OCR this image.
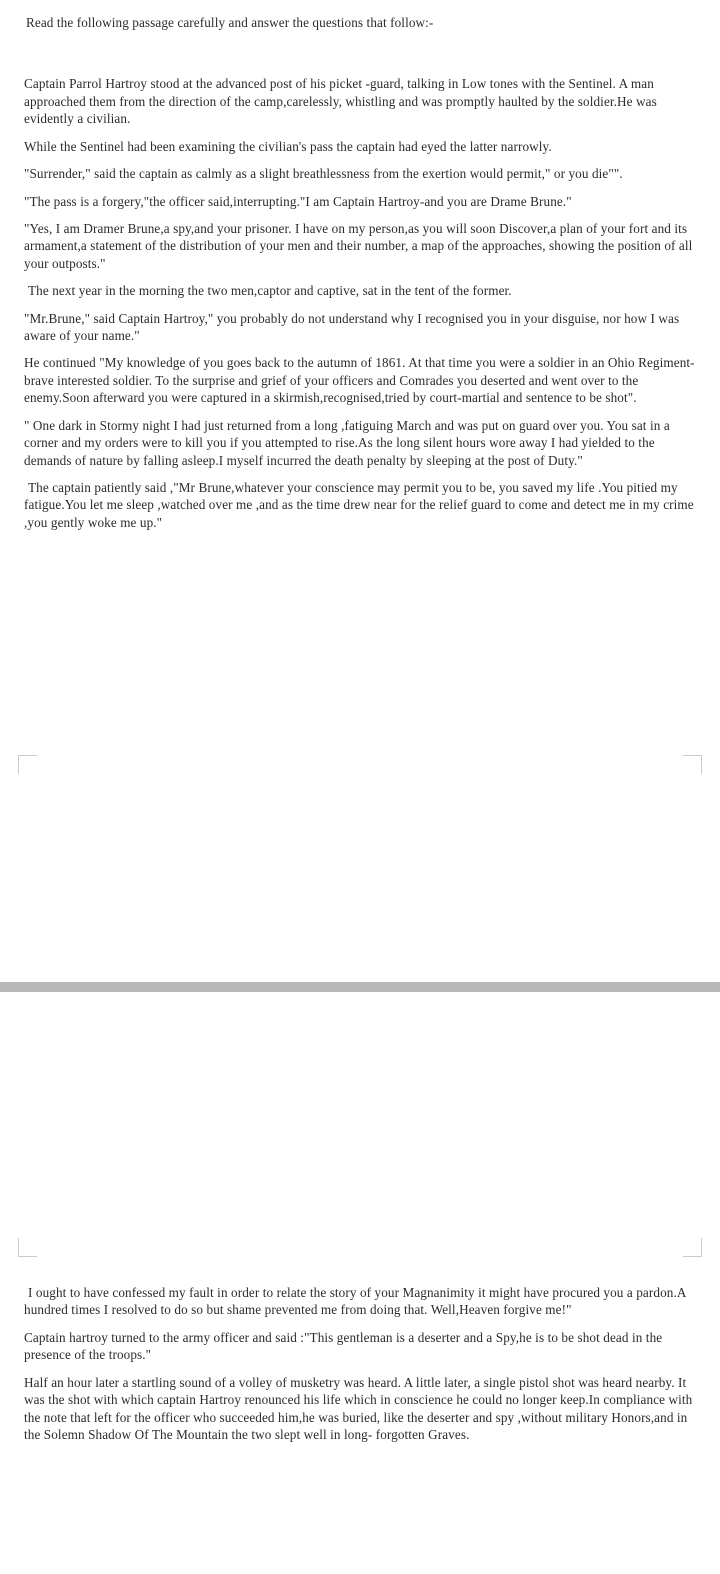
Read the following passage carefully and answer the questions that follow:-

Captain Parrol Hartroy stood at the advanced post of his picket -guard, talking in Low tones with the Sentinel. A man approached them from the direction of the camp,carelessly, whistling and was promptly haulted by the soldier.He was evidently a civilian.

While the Sentinel had been examining the civilian's pass the captain had eyed the latter narrowly.

"Surrender," said the captain as calmly as a slight breathlessness from the exertion would permit," or you die"".

"The pass is a forgery,"the officer said,interrupting."I am Captain Hartroy-and you are Drame Brune."

"Yes, I am Dramer Brune,a spy,and your prisoner. I have on my person,as you will soon Discover,a plan of your fort and its armament,a statement of the distribution of your men and their number, a map of the approaches, showing the position of all your outposts."

The next year in the morning the two men,captor and captive, sat in the tent of the former.

"Mr.Brune," said Captain Hartroy," you probably do not understand why I recognised you in your disguise, nor how I was aware of your name."

He continued "My knowledge of you goes back to the autumn of 1861. At that time you were a soldier in an Ohio Regiment-brave interested soldier. To the surprise and grief of your officers and Comrades you deserted and went over to the enemy.Soon afterward you were captured in a skirmish,recognised,tried by court-martial and sentence to be shot".

" One dark in Stormy night I had just returned from a long ,fatiguing March and was put on guard over you. You sat in a corner and my orders were to kill you if you attempted to rise.As the long silent hours wore away I had yielded to the demands of nature by falling asleep.I myself incurred the death penalty by sleeping at the post of Duty."

The captain patiently said ,"Mr Brune,whatever your conscience may permit you to be, you saved my life .You pitied my fatigue.You let me sleep ,watched over me ,and as the time drew near for the relief guard to come and detect me in my crime ,you gently woke me up."

I ought to have confessed my fault in order to relate the story of your Magnanimity it might have procured you a pardon.A hundred times I resolved to do so but shame prevented me from doing that. Well,Heaven forgive me!"

Captain hartroy turned to the army officer and said :"This gentleman is a deserter and a Spy,he is to be shot dead in the presence of the troops."

Half an hour later a startling sound of a volley of musketry was heard. A little later, a single pistol shot was heard nearby. It was the shot with which captain Hartroy renounced his life which in conscience he could no longer keep.In compliance with the note that left for the officer who succeeded him,he was buried, like the deserter and spy ,without military Honors,and in the Solemn Shadow Of The Mountain the two slept well in long- forgotten Graves.
